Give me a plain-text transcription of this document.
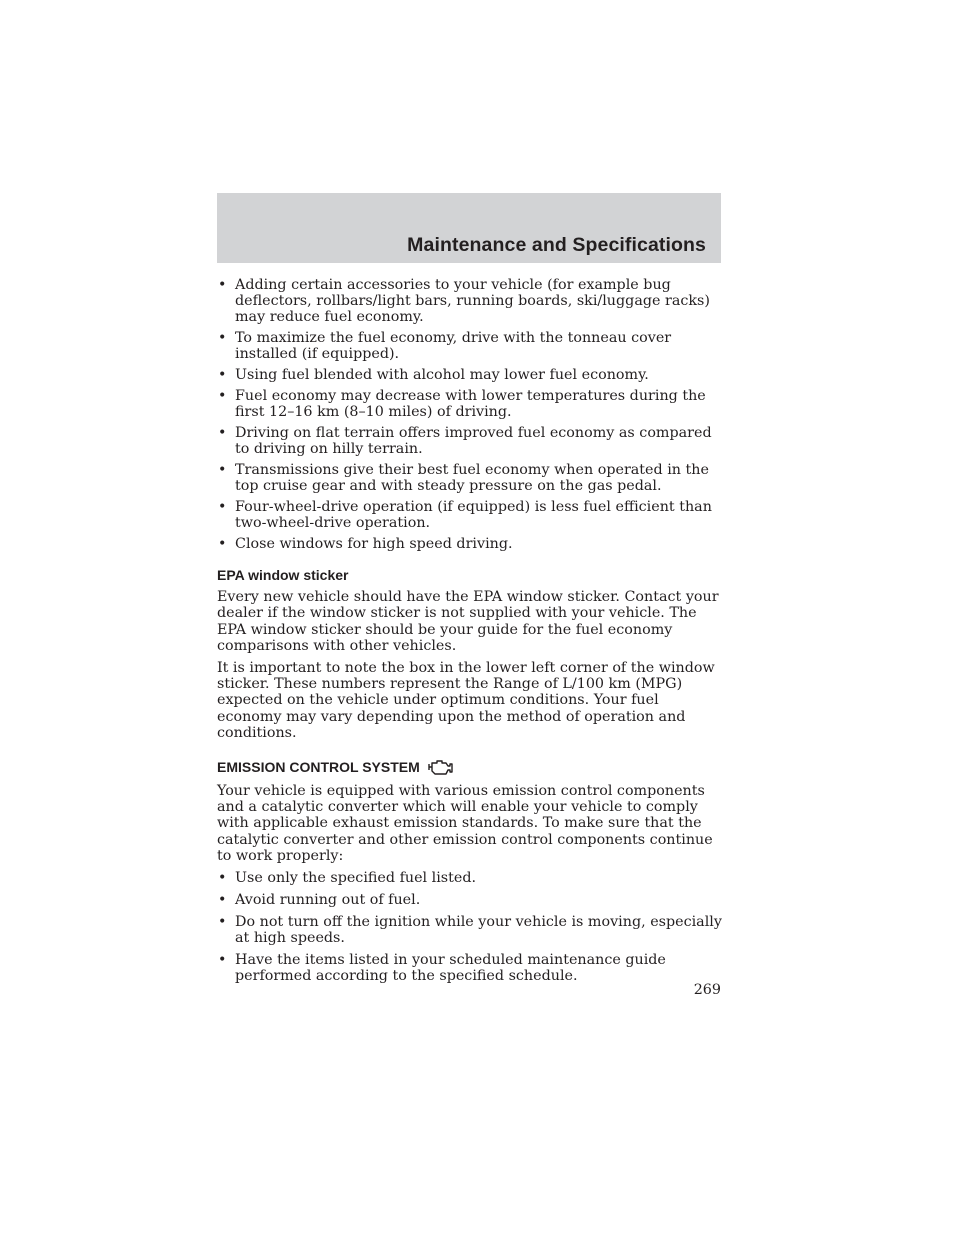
Maintenance and Specifications
• Adding certain accessories to your vehicle (for example bug deflectors, rollbars/light bars, running boards, ski/luggage racks) may reduce fuel economy.
• To maximize the fuel economy, drive with the tonneau cover installed (if equipped).
• Using fuel blended with alcohol may lower fuel economy.
• Fuel economy may decrease with lower temperatures during the first 12–16 km (8–10 miles) of driving.
• Driving on flat terrain offers improved fuel economy as compared to driving on hilly terrain.
• Transmissions give their best fuel economy when operated in the top cruise gear and with steady pressure on the gas pedal.
• Four-wheel-drive operation (if equipped) is less fuel efficient than two-wheel-drive operation.
• Close windows for high speed driving.
EPA window sticker

Every new vehicle should have the EPA window sticker. Contact your dealer if the window sticker is not supplied with your vehicle. The EPA window sticker should be your guide for the fuel economy comparisons with other vehicles.

It is important to note the box in the lower left corner of the window sticker. These numbers represent the Range of L/100 km (MPG) expected on the vehicle under optimum conditions. Your fuel economy may vary depending upon the method of operation and conditions.

EMISSION CONTROL SYSTEM

Your vehicle is equipped with various emission control components and a catalytic converter which will enable your vehicle to comply with applicable exhaust emission standards. To make sure that the catalytic converter and other emission control components continue to work properly:

• Use only the specified fuel listed.
• Avoid running out of fuel.
• Do not turn off the ignition while your vehicle is moving, especially at high speeds.
• Have the items listed in your scheduled maintenance guide performed according to the specified schedule.
269
